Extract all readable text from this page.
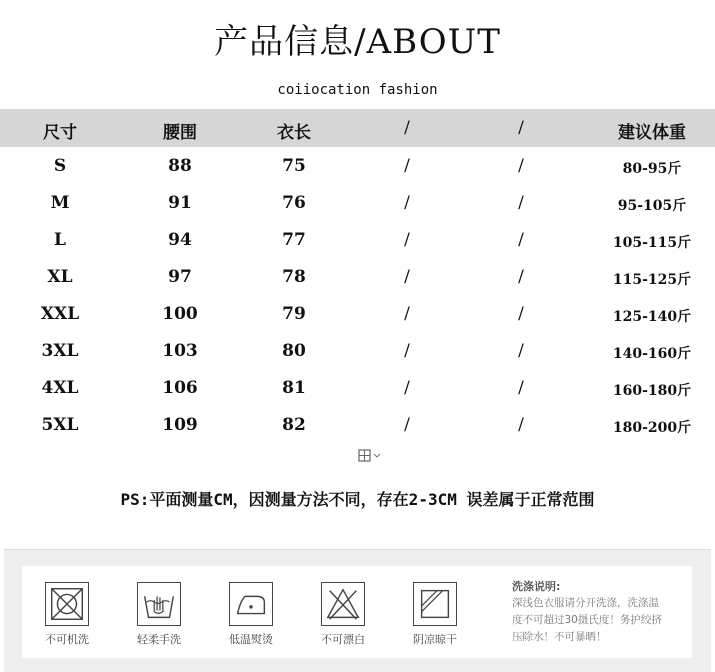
产品信息/ABOUT
coiiocation fashion
尺寸	腰围	衣长	/	/	建议体重
S	88	75	/	/	80-95斤
M	91	76	/	/	95-105斤
L	94	77	/	/	105-115斤
XL	97	78	/	/	115-125斤
XXL	100	79	/	/	125-140斤
3XL	103	80	/	/	140-160斤
4XL	106	81	/	/	160-180斤
5XL	109	82	/	/	180-200斤
PS:平面测量CM，因测量方法不同，存在2-3CM 误差属于正常范围
不可机洗	轻柔手洗	低温熨烫	不可漂白	阴凉晾干
洗涤说明:
深浅色衣服请分开洗涤，洗涤温
度不可超过30摄氏度！务护绞挤
压除水！不可暴晒！
